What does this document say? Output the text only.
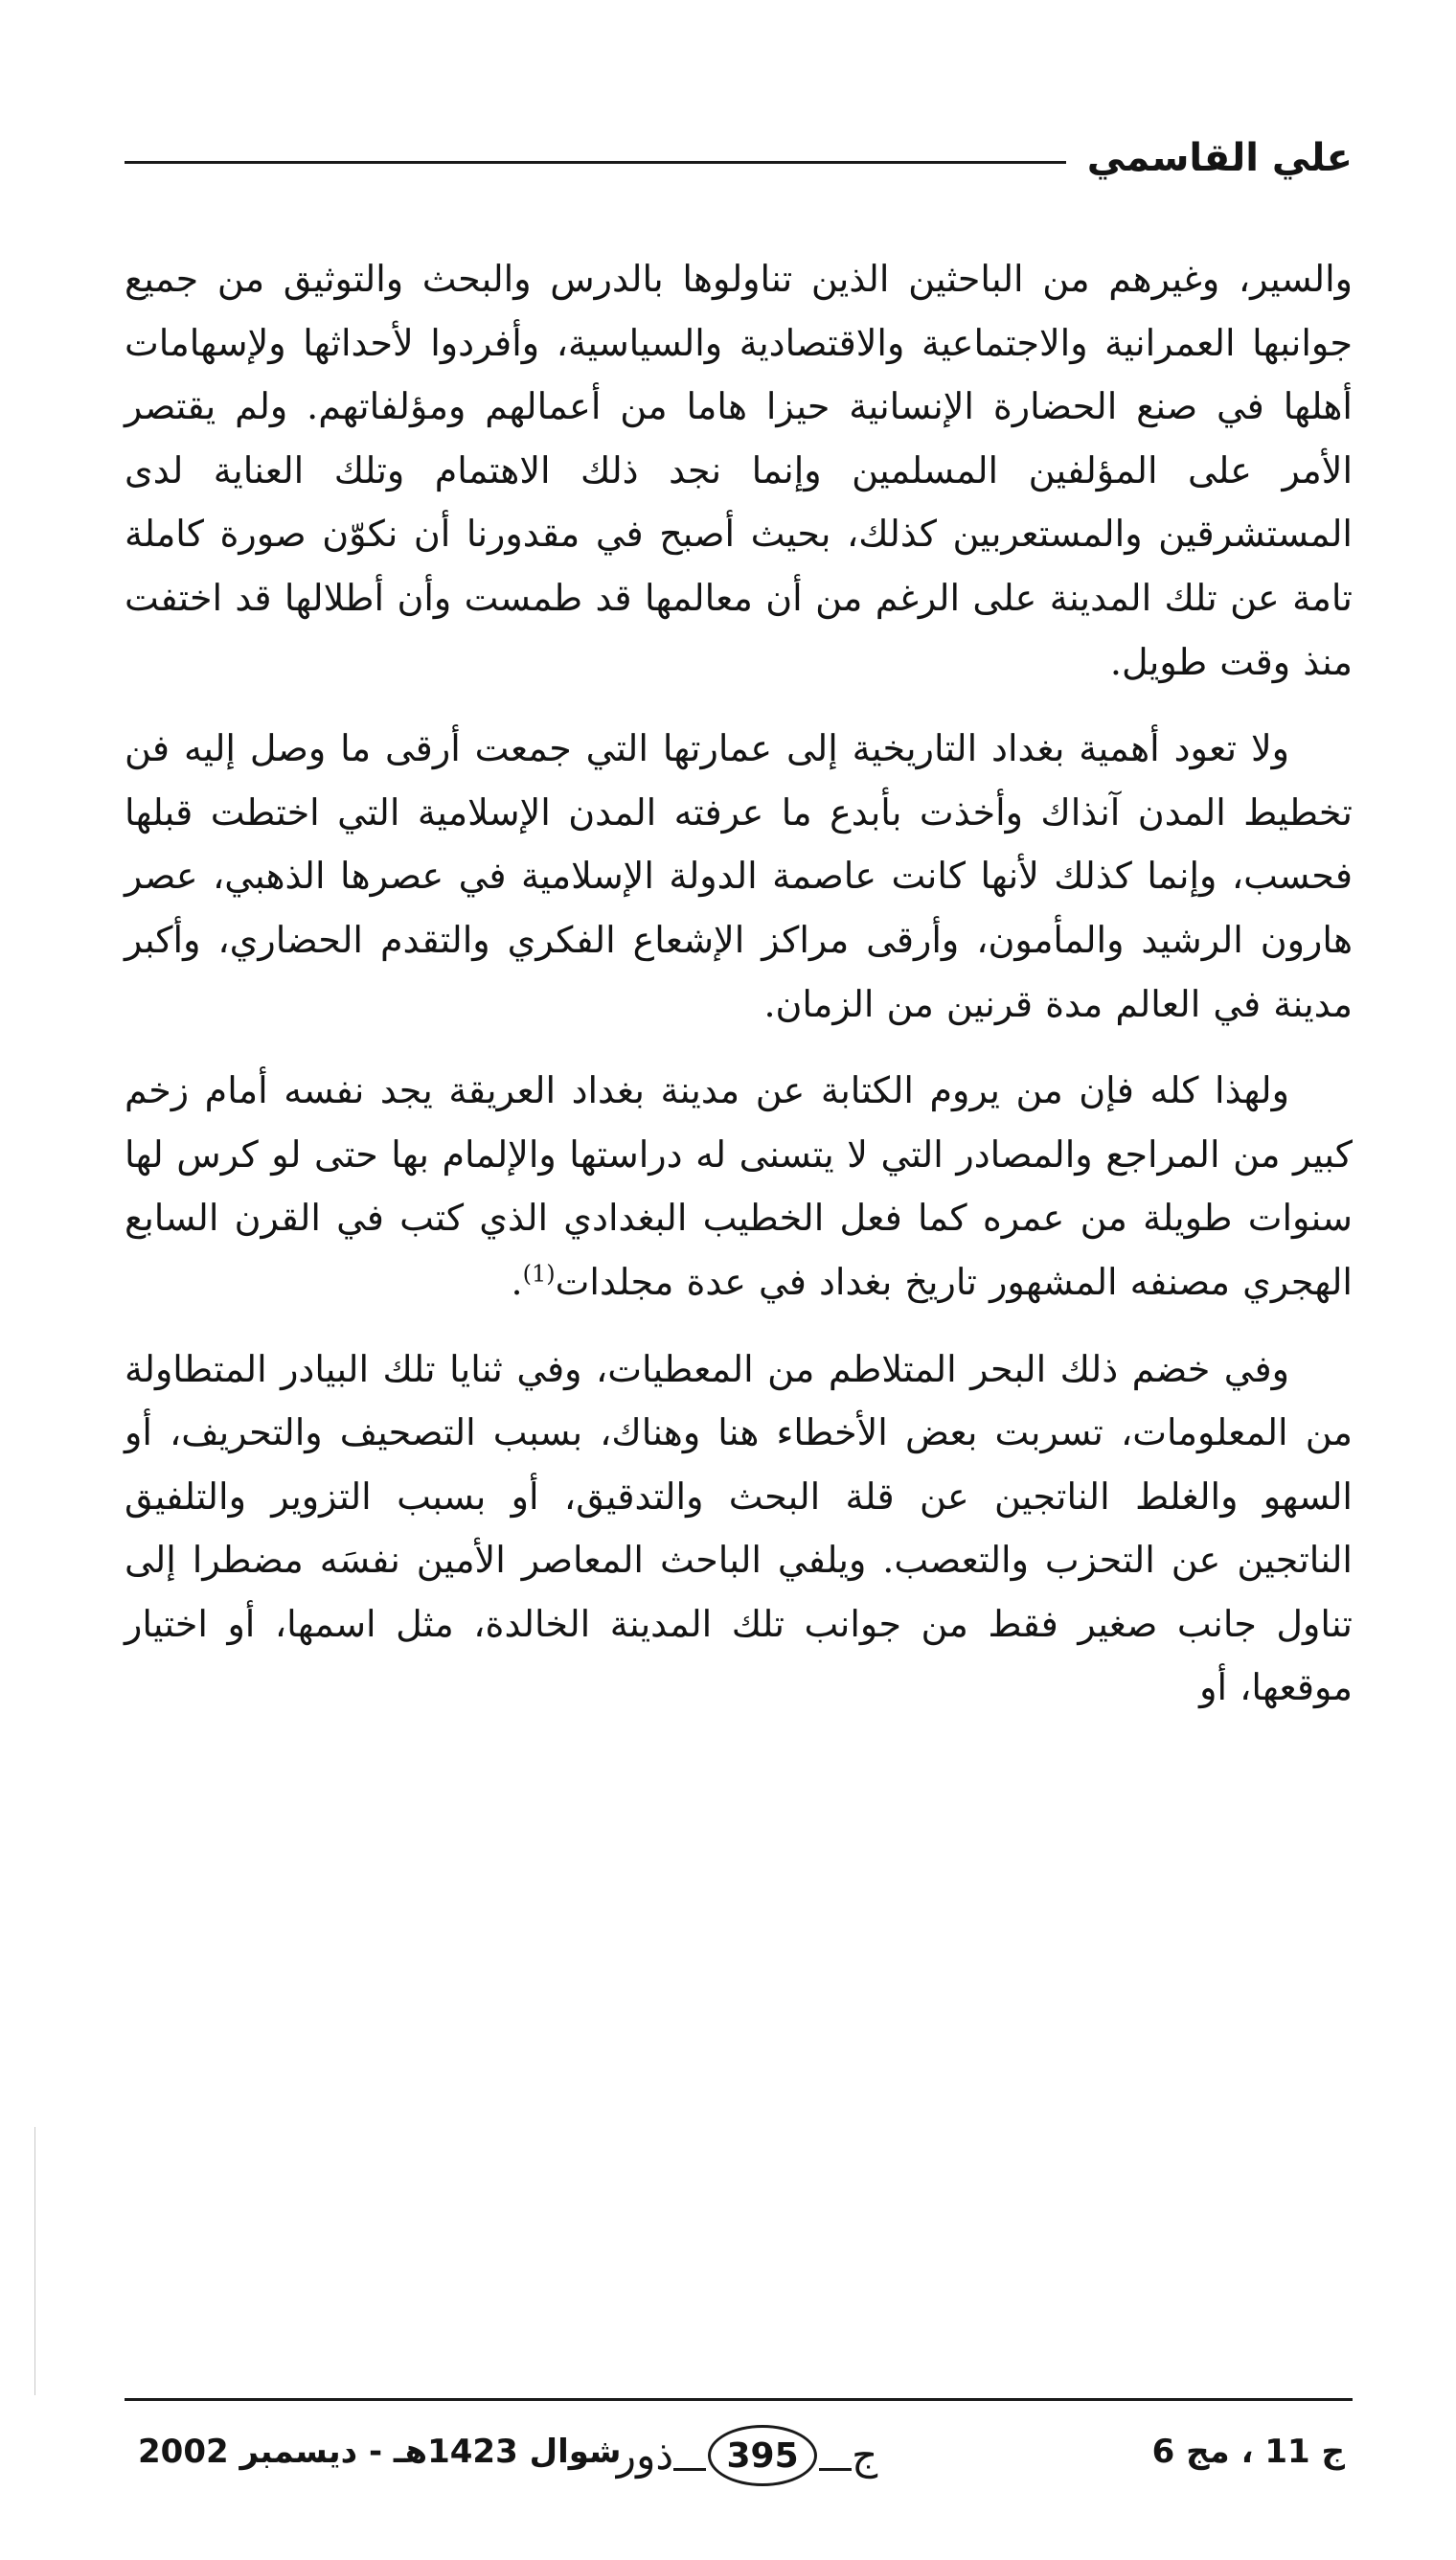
علي القاسمي

والسير، وغيرهم من الباحثين الذين تناولوها بالدرس والبحث والتوثيق من جميع جوانبها العمرانية والاجتماعية والاقتصادية والسياسية، وأفردوا لأحداثها ولإسهامات أهلها في صنع الحضارة الإنسانية حيزا هاما من أعمالهم ومؤلفاتهم. ولم يقتصر الأمر على المؤلفين المسلمين وإنما نجد ذلك الاهتمام وتلك العناية لدى المستشرقين والمستعربين كذلك، بحيث أصبح في مقدورنا أن نكوّن صورة كاملة تامة عن تلك المدينة على الرغم من أن معالمها قد طمست وأن أطلالها قد اختفت منذ وقت طويل.

ولا تعود أهمية بغداد التاريخية إلى عمارتها التي جمعت أرقى ما وصل إليه فن تخطيط المدن آنذاك وأخذت بأبدع ما عرفته المدن الإسلامية التي اختطت قبلها فحسب، وإنما كذلك لأنها كانت عاصمة الدولة الإسلامية في عصرها الذهبي، عصر هارون الرشيد والمأمون، وأرقى مراكز الإشعاع الفكري والتقدم الحضاري، وأكبر مدينة في العالم مدة قرنين من الزمان.

ولهذا كله فإن من يروم الكتابة عن مدينة بغداد العريقة يجد نفسه أمام زخم كبير من المراجع والمصادر التي لا يتسنى له دراستها والإلمام بها حتى لو كرس لها سنوات طويلة من عمره كما فعل الخطيب البغدادي الذي كتب في القرن السابع الهجري مصنفه المشهور تاريخ بغداد في عدة مجلدات$^{(1)}$.

وفي خضم ذلك البحر المتلاطم من المعطيات، وفي ثنايا تلك البيادر المتطاولة من المعلومات، تسربت بعض الأخطاء هنا وهناك، بسبب التصحيف والتحريف، أو السهو والغلط الناتجين عن قلة البحث والتدقيق، أو بسبب التزوير والتلفيق الناتجين عن التحزب والتعصب. ويلفي الباحث المعاصر الأمين نفسَه مضطرا إلى تناول جانب صغير فقط من جوانب تلك المدينة الخالدة، مثل اسمها، أو اختيار موقعها، أو

ج 11 ، مج 6
ج
395
ذور
شوال 1423هـ - ديسمبر 2002
